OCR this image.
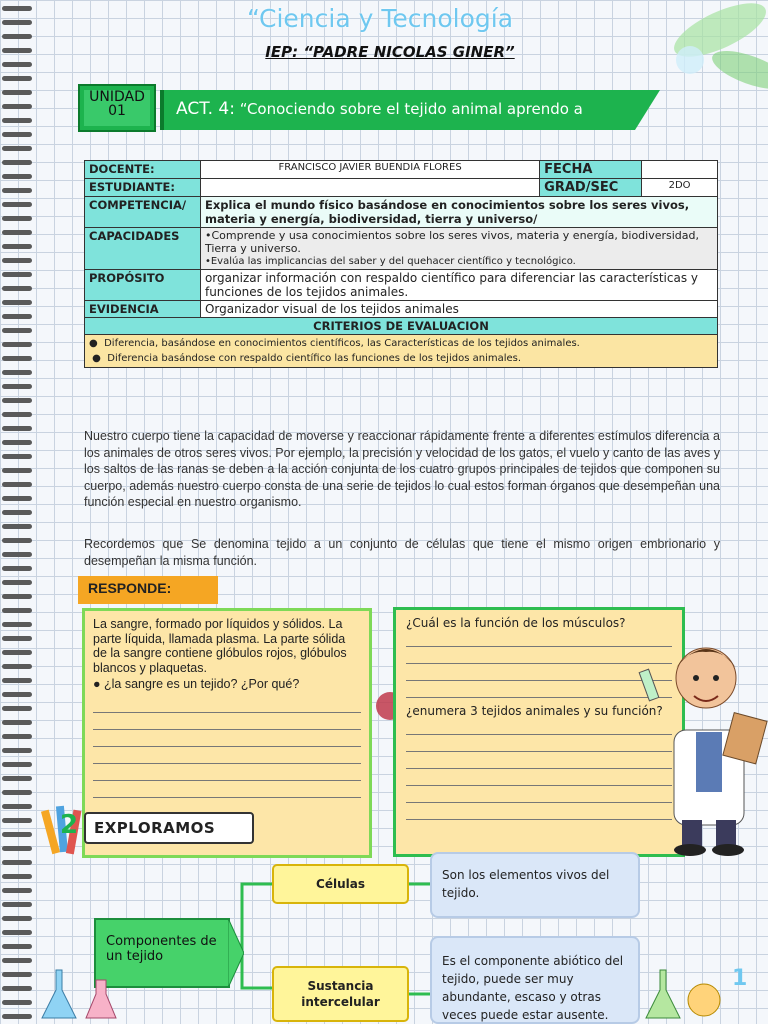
“Ciencia y Tecnología
IEP: “PADRE NICOLAS GINER”
UNIDAD 01	ACT. 4: “Conociendo sobre el tejido animal aprendo a
DOCENTE:	FRANCISCO JAVIER BUENDIA FLORES	FECHA	
ESTUDIANTE:		GRAD/SEC	2DO
COMPETENCIA/	Explica el mundo físico basándose en conocimientos sobre los seres vivos, materia y energía, biodiversidad, tierra y universo/		
CAPACIDADES	•Comprende y usa conocimientos sobre los seres vivos, materia y energía, biodiversidad, Tierra y universo.
•Evalúa las implicancias del saber y del quehacer científico y tecnológico.		

PROPÓSITO	organizar información con respaldo científico para diferenciar las características y funciones de los tejidos animales.		
EVIDENCIA	Organizador visual de los tejidos animales		
CRITERIOS DE EVALUACION			

●  Diferencia, basándose en conocimientos científicos, las Características de los tejidos animales.
●  Diferencia basándose con respaldo científico las funciones de los tejidos animales.			
Nuestro cuerpo tiene la capacidad de moverse y reaccionar rápidamente frente a diferentes estímulos diferencia a los animales de otros seres vivos. Por ejemplo, la precisión y velocidad de los gatos, el vuelo y canto de las aves y los saltos de las ranas se deben a la acción conjunta de los cuatro grupos principales de tejidos que componen su cuerpo, además nuestro cuerpo consta de una serie de tejidos lo cual estos forman órganos que desempeñan una función especial en nuestro organismo.
Recordemos que Se denomina tejido a un conjunto de células que tiene el mismo origen embrionario y desempeñan la misma función.
RESPONDE:
La sangre, formado por líquidos y sólidos. La parte líquida, llamada plasma. La parte sólida de la sangre contiene glóbulos rojos, glóbulos blancos y plaquetas.
● ¿la sangre es un tejido? ¿Por qué?
¿Cuál es la función de los músculos?
¿enumera 3 tejidos animales y su función?
2	EXPLORAMOS
Componentes de un tejido
Células
Sustancia intercelular
Son los elementos vivos del tejido.
Es el componente abiótico del tejido, puede ser muy abundante, escaso y otras veces puede estar ausente.
1
